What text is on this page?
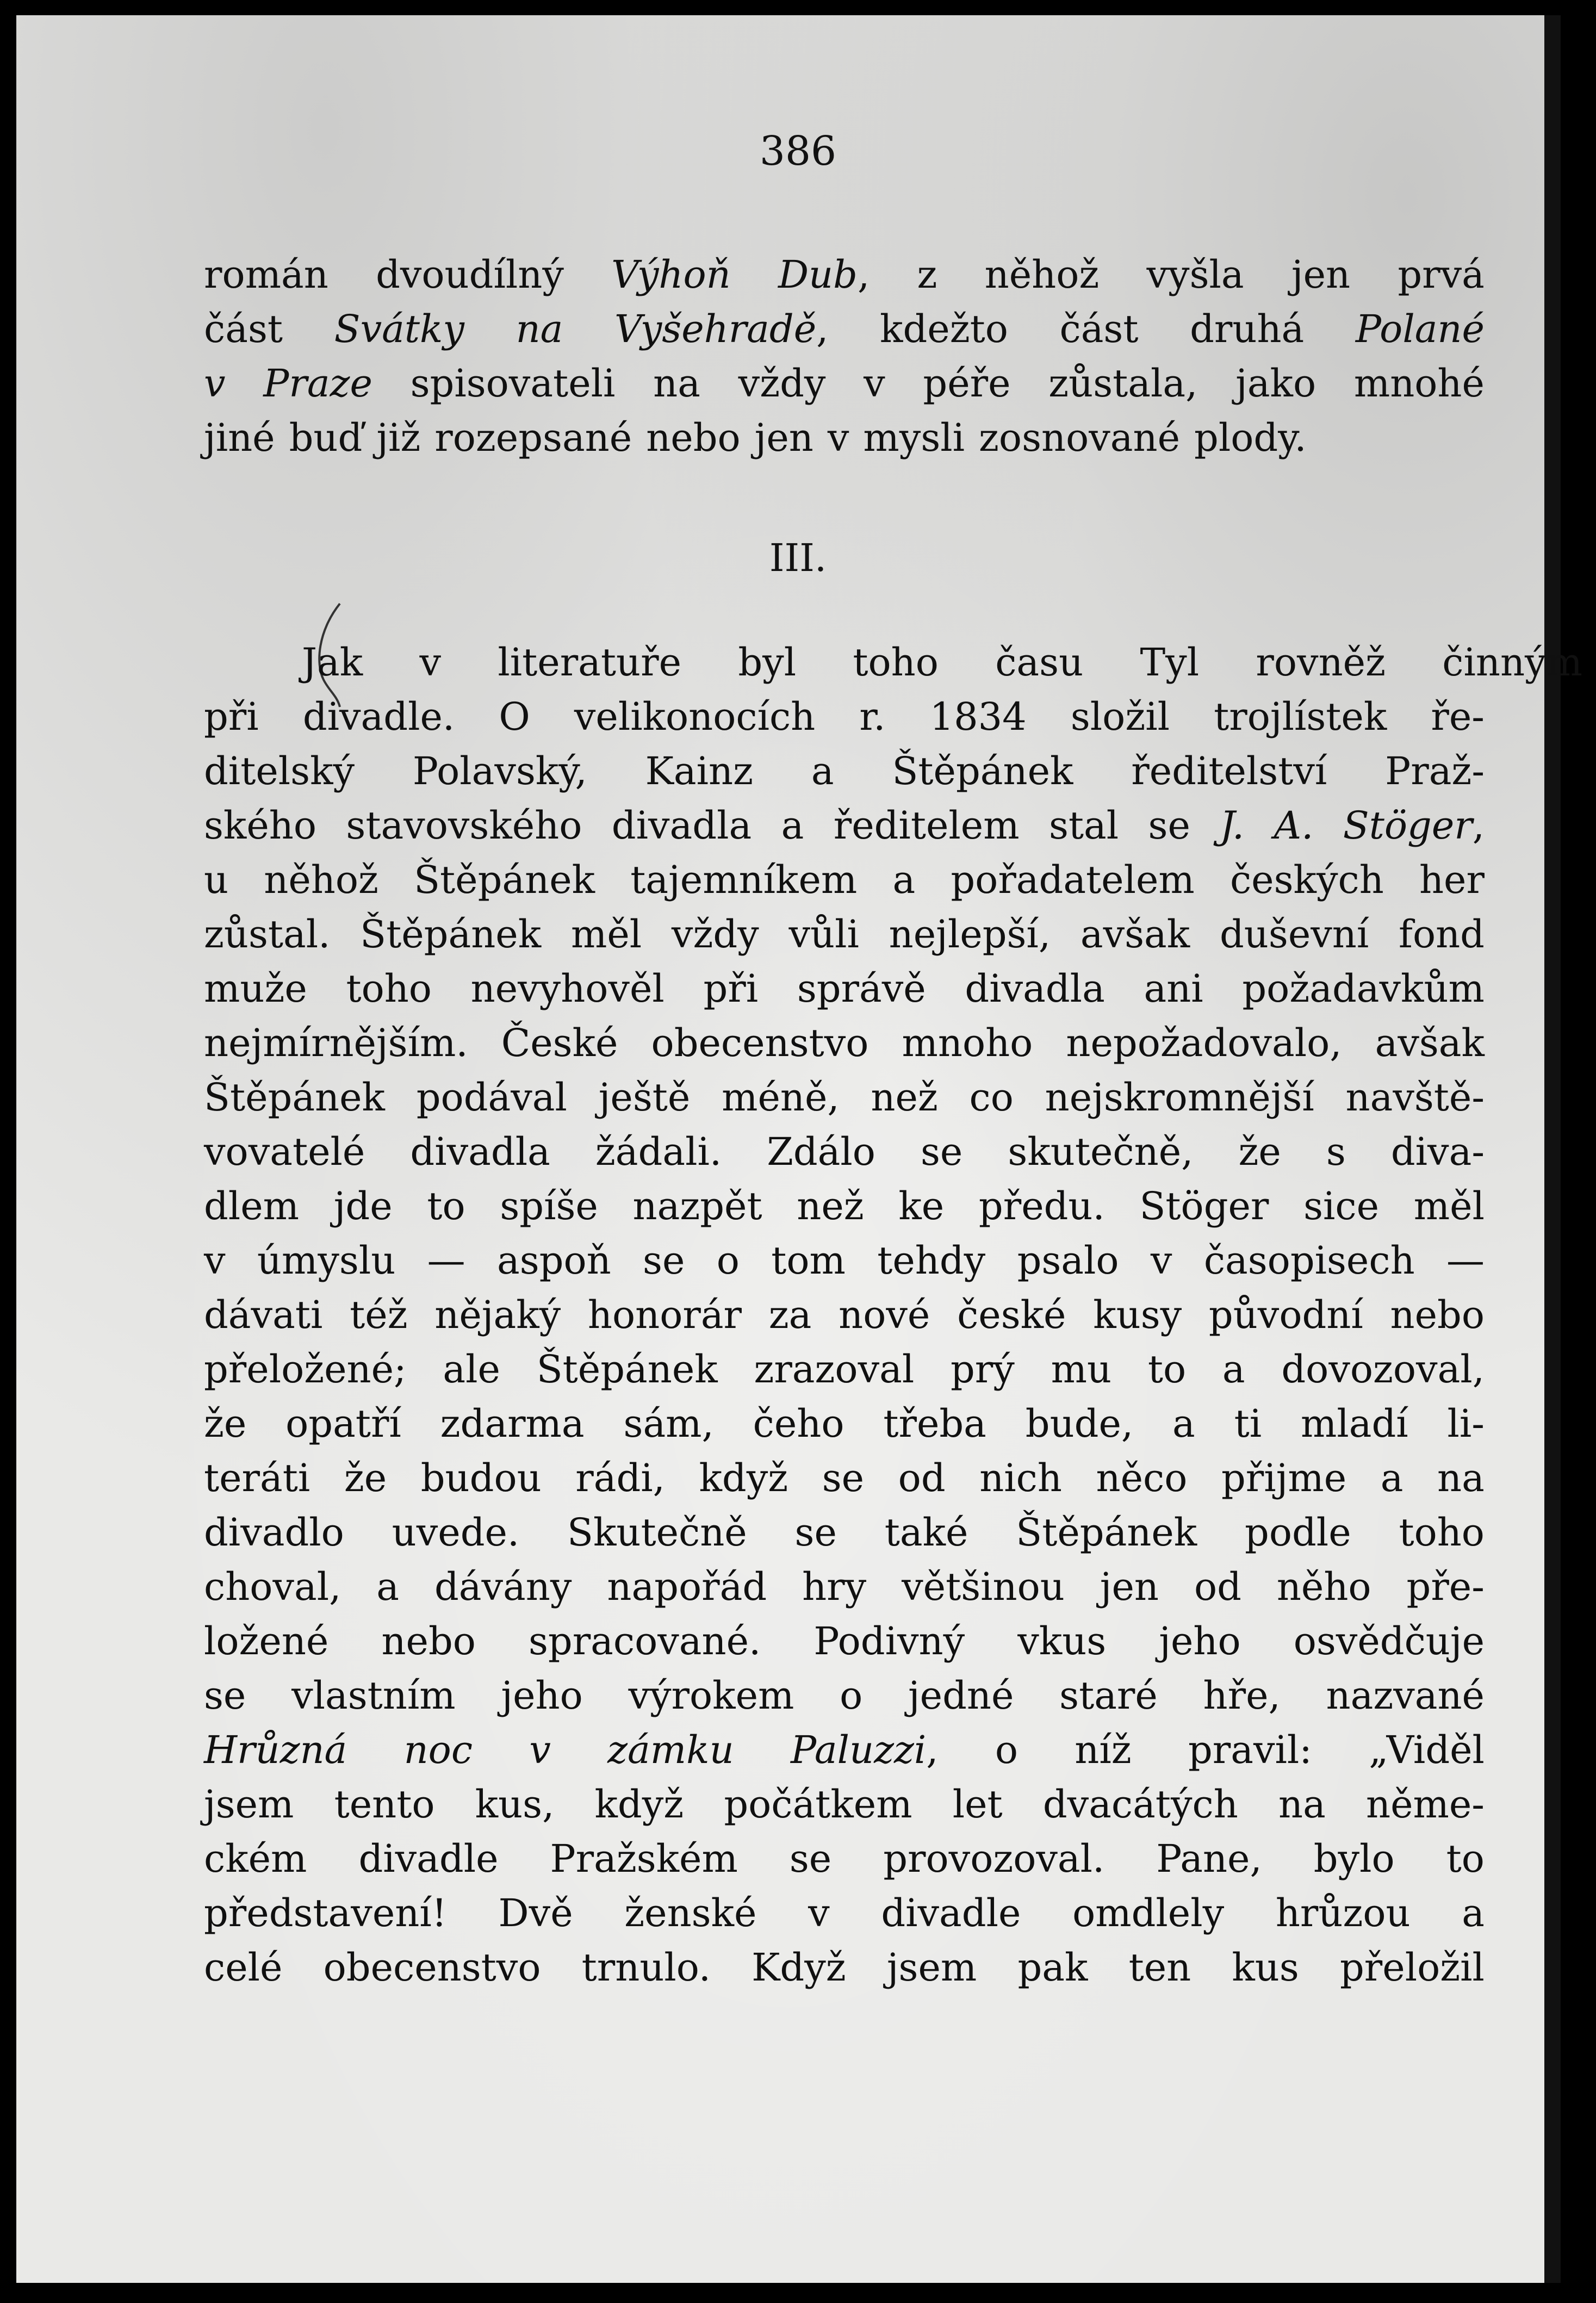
386
román dvoudílný Výhoň Dub, z něhož vyšla jen prvá
část Svátky na Vyšehradě, kdežto část druhá Polané
v Praze spisovateli na vždy v péře zůstala, jako mnohé
jiné buď již rozepsané nebo jen v mysli zosnované plody.
III.
Jak v literatuře byl toho času Tyl rovněž činným
při divadle. O velikonocích r. 1834 složil trojlístek ře-
ditelský Polavský, Kainz a Štěpánek ředitelství Praž-
ského stavovského divadla a ředitelem stal se J. A. Stöger,
u něhož Štěpánek tajemníkem a pořadatelem českých her
zůstal. Štěpánek měl vždy vůli nejlepší, avšak duševní fond
muže toho nevyhověl při správě divadla ani požadavkům
nejmírnějším. České obecenstvo mnoho nepožadovalo, avšak
Štěpánek podával ještě méně, než co nejskromnější navště-
vovatelé divadla žádali. Zdálo se skutečně, že s diva-
dlem jde to spíše nazpět než ke předu. Stöger sice měl
v úmyslu — aspoň se o tom tehdy psalo v časopisech —
dávati též nějaký honorár za nové české kusy původní nebo
přeložené; ale Štěpánek zrazoval prý mu to a dovozoval,
že opatří zdarma sám, čeho třeba bude, a ti mladí li-
teráti že budou rádi, když se od nich něco přijme a na
divadlo uvede. Skutečně se také Štěpánek podle toho
choval, a dávány napořád hry většinou jen od něho pře-
ložené nebo spracované. Podivný vkus jeho osvědčuje
se vlastním jeho výrokem o jedné staré hře, nazvané
Hrůzná noc v zámku Paluzzi, o níž pravil: „Viděl
jsem tento kus, když počátkem let dvacátých na něme-
ckém divadle Pražském se provozoval. Pane, bylo to
představení! Dvě ženské v divadle omdlely hrůzou a
celé obecenstvo trnulo. Když jsem pak ten kus přeložil
